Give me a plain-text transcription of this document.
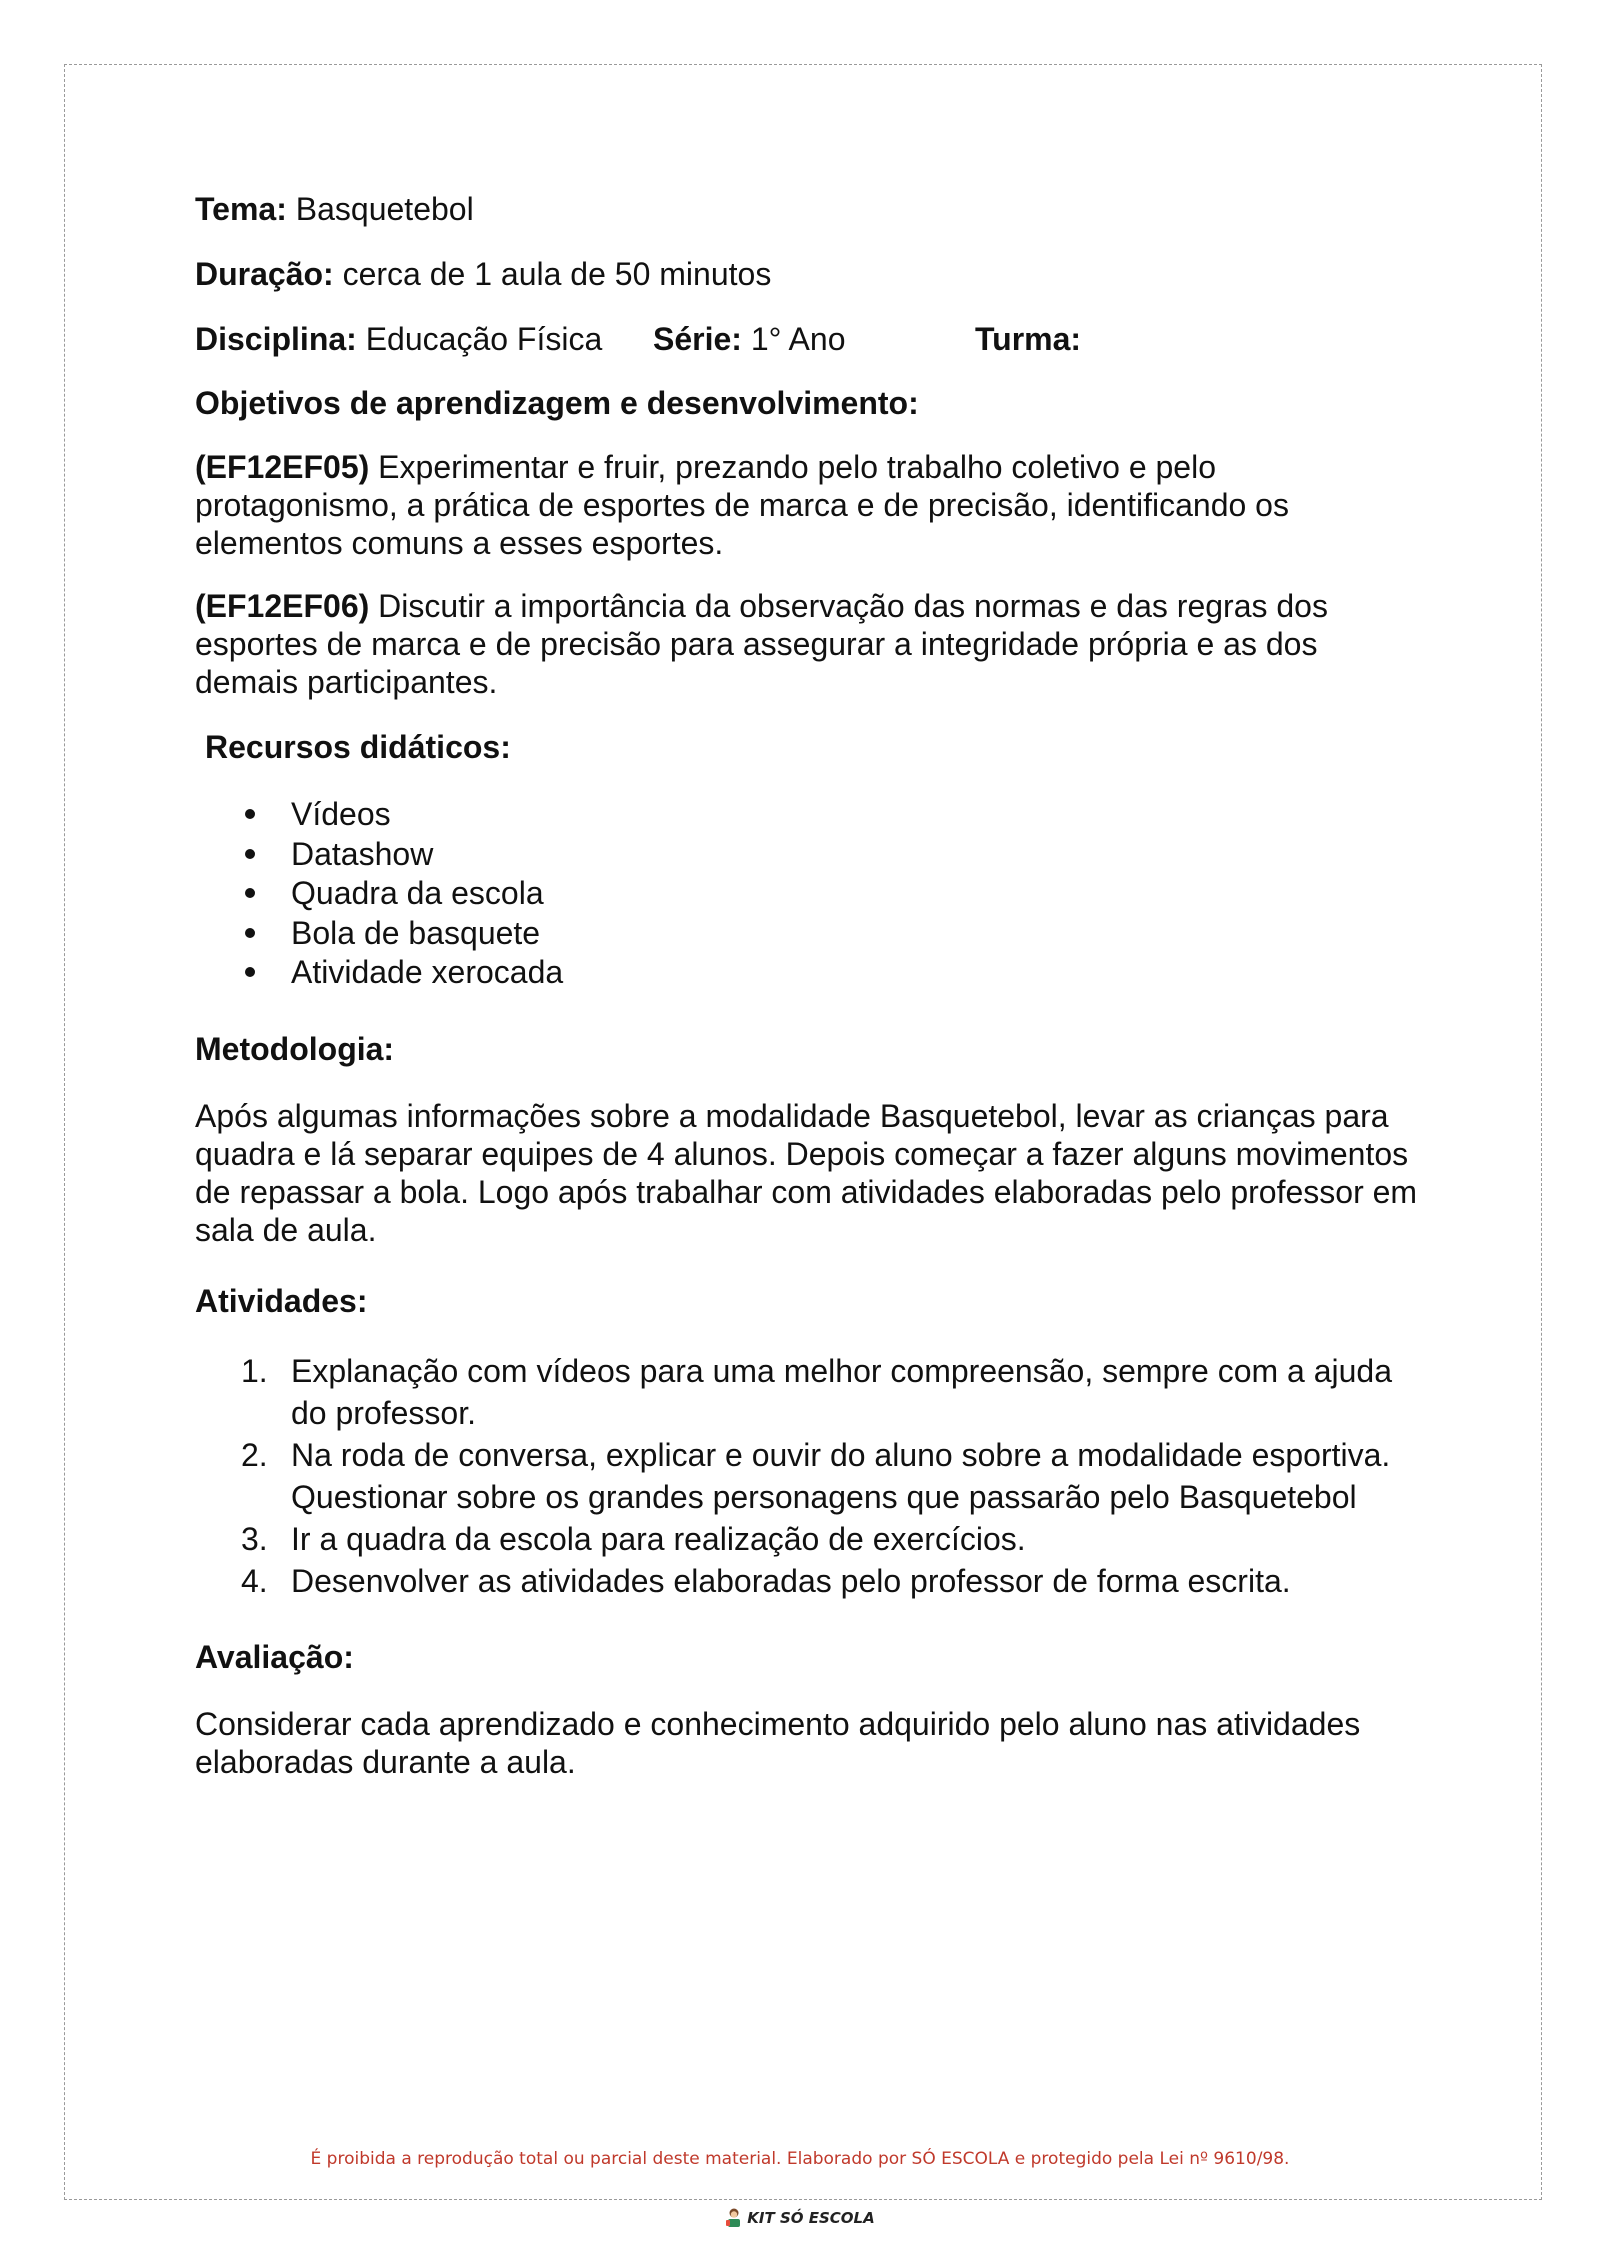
Tema: Basquetebol

Duração: cerca de 1 aula de 50 minutos

Disciplina: Educação Física Série: 1° Ano	Turma:

Objetivos de aprendizagem e desenvolvimento:

(EF12EF05) Experimentar e fruir, prezando pelo trabalho coletivo e pelo protagonismo, a prática de esportes de marca e de precisão, identificando os elementos comuns a esses esportes.

(EF12EF06) Discutir a importância da observação das normas e das regras dos esportes de marca e de precisão para assegurar a integridade própria e as dos demais participantes.

Recursos didáticos:

Vídeos
Datashow
Quadra da escola
Bola de basquete
Atividade xerocada

Metodologia:

Após algumas informações sobre a modalidade Basquetebol, levar as crianças para quadra e lá separar equipes de 4 alunos. Depois começar a fazer alguns movimentos de repassar a bola. Logo após trabalhar com atividades elaboradas pelo professor em sala de aula.

Atividades:

1. Explanação com vídeos para uma melhor compreensão, sempre com a ajuda do professor.
2. Na roda de conversa, explicar e ouvir do aluno sobre a modalidade esportiva. Questionar sobre os grandes personagens que passarão pelo Basquetebol
3. Ir a quadra da escola para realização de exercícios.
4. Desenvolver as atividades elaboradas pelo professor de forma escrita.

Avaliação:

Considerar cada aprendizado e conhecimento adquirido pelo aluno nas atividades elaboradas durante a aula.

É proibida a reprodução total ou parcial deste material. Elaborado por SÓ ESCOLA e protegido pela Lei nº 9610/98.
KIT SÓ ESCOLA
